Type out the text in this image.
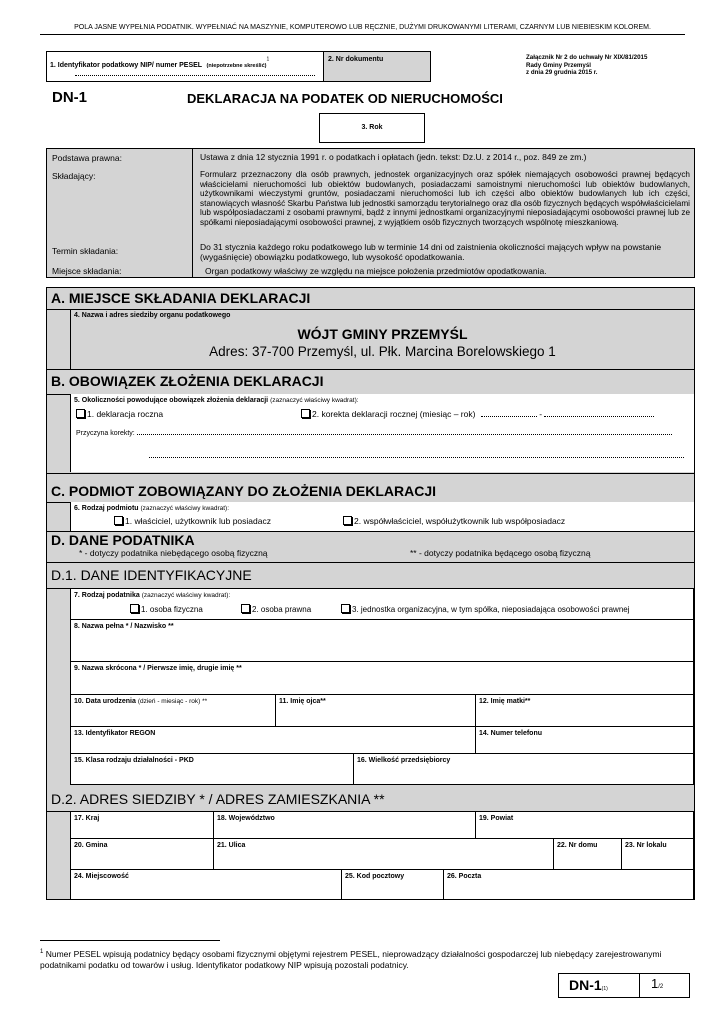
POLA JASNE WYPEŁNIA PODATNIK. WYPEŁNIAĆ NA MASZYNIE, KOMPUTEROWO LUB RĘCZNIE, DUŻYMI DRUKOWANYMI LITERAMI, CZARNYM LUB NIEBIESKIM KOLOREM.
1. Identyfikator podatkowy NIP/ numer PESEL (niepotrzebne skreślić)$^1$	2. Nr dokumentu	Załącznik Nr 2 do uchwały Nr XIX/81/2015
Rady Gminy Przemyśl
z dnia 29 grudnia 2015 r.
DN-1	DEKLARACJA NA PODATEK OD NIERUCHOMOŚCI
3. Rok
Podstawa prawna:	Ustawa z dnia 12 stycznia 1991 r. o podatkach i opłatach (jedn. tekst: Dz.U. z 2014 r., poz. 849 ze zm.)
Składający:	Formularz przeznaczony dla osób prawnych, jednostek organizacyjnych oraz spółek niemających osobowości prawnej będących właścicielami nieruchomości lub obiektów budowlanych, posiadaczami samoistnymi nieruchomości lub obiektów budowlanych, użytkownikami wieczystymi gruntów, posiadaczami nieruchomości lub ich części albo obiektów budowlanych lub ich części, stanowiących własność Skarbu Państwa lub jednostki samorządu terytorialnego oraz dla osób fizycznych będących współwłaścicielami lub współposiadaczami z osobami prawnymi, bądź z innymi jednostkami organizacyjnymi nieposiadającymi osobowości prawnej lub ze spółkami nieposiadającymi osobowości prawnej, z wyjątkiem osób fizycznych tworzących wspólnotę mieszkaniową.
Termin składania:	Do 31 stycznia każdego roku podatkowego lub w terminie 14 dni od zaistnienia okoliczności mających wpływ na powstanie (wygaśnięcie) obowiązku podatkowego, lub wysokość opodatkowania.
Miejsce składania:	Organ podatkowy właściwy ze względu na miejsce położenia przedmiotów opodatkowania.
A. MIEJSCE SKŁADANIA DEKLARACJI
4. Nazwa i adres siedziby organu podatkowego
WÓJT GMINY PRZEMYŚL
Adres: 37-700 Przemyśl, ul. Płk. Marcina Borelowskiego 1
B. OBOWIĄZEK ZŁOŻENIA DEKLARACJI
5. Okoliczności powodujące obowiązek złożenia deklaracji (zaznaczyć właściwy kwadrat):
1. deklaracja roczna	2. korekta deklaracji rocznej (miesiąc – rok)	-
Przyczyna korekty:
C. PODMIOT ZOBOWIĄZANY DO ZŁOŻENIA DEKLARACJI
6. Rodzaj podmiotu (zaznaczyć właściwy kwadrat):
1. właściciel, użytkownik lub posiadacz	2. współwłaściciel, współużytkownik lub współposiadacz
D. DANE PODATNIKA
* - dotyczy podatnika niebędącego osobą fizyczną	** - dotyczy podatnika będącego osobą fizyczną
D.1. DANE IDENTYFIKACYJNE
7. Rodzaj podatnika (zaznaczyć właściwy kwadrat):
1. osoba fizyczna	2. osoba prawna	3. jednostka organizacyjna, w tym spółka, nieposiadająca osobowości prawnej
8. Nazwa pełna * / Nazwisko **
9. Nazwa skrócona * / Pierwsze imię, drugie imię **
10. Data urodzenia (dzień - miesiąc - rok) **	11. Imię ojca**	12. Imię matki**
13. Identyfikator REGON	14. Numer telefonu
15. Klasa rodzaju działalności - PKD	16. Wielkość przedsiębiorcy
D.2. ADRES SIEDZIBY * / ADRES ZAMIESZKANIA **
17. Kraj	18. Województwo	19. Powiat
20. Gmina	21. Ulica	22. Nr domu	23. Nr lokalu
24. Miejscowość	25. Kod pocztowy	26. Poczta
$^1$ Numer PESEL wpisują podatnicy będący osobami fizycznymi objętymi rejestrem PESEL, nieprowadzący działalności gospodarczej lub niebędący zarejestrowanymi podatnikami podatku od towarów i usług. Identyfikator podatkowy NIP wpisują pozostali podatnicy.
DN-1(1)	1/2
